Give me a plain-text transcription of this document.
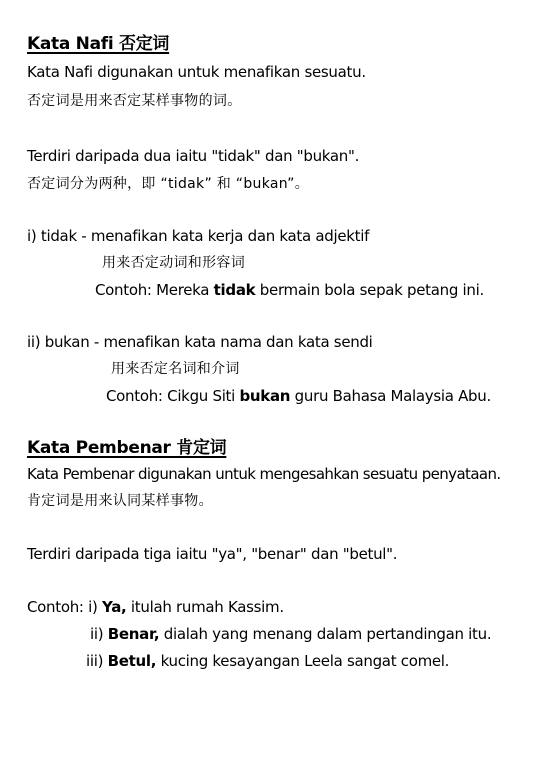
Kata Nafi 否定词
Kata Nafi digunakan untuk menafikan sesuatu.
否定词是用来否定某样事物的词。
Terdiri daripada dua iaitu "tidak" dan "bukan".
否定词分为两种，即 “tidak” 和 “bukan”。
i) tidak - menafikan kata kerja dan kata adjektif
用来否定动词和形容词
Contoh: Mereka tidak bermain bola sepak petang ini.
ii) bukan - menafikan kata nama dan kata sendi
用来否定名词和介词
Contoh: Cikgu Siti bukan guru Bahasa Malaysia Abu.
Kata Pembenar 肯定词
Kata Pembenar digunakan untuk mengesahkan sesuatu penyataan.
肯定词是用来认同某样事物。
Terdiri daripada tiga iaitu "ya", "benar" dan "betul".
Contoh: i) Ya, itulah rumah Kassim.
ii) Benar, dialah yang menang dalam pertandingan itu.
iii) Betul, kucing kesayangan Leela sangat comel.
